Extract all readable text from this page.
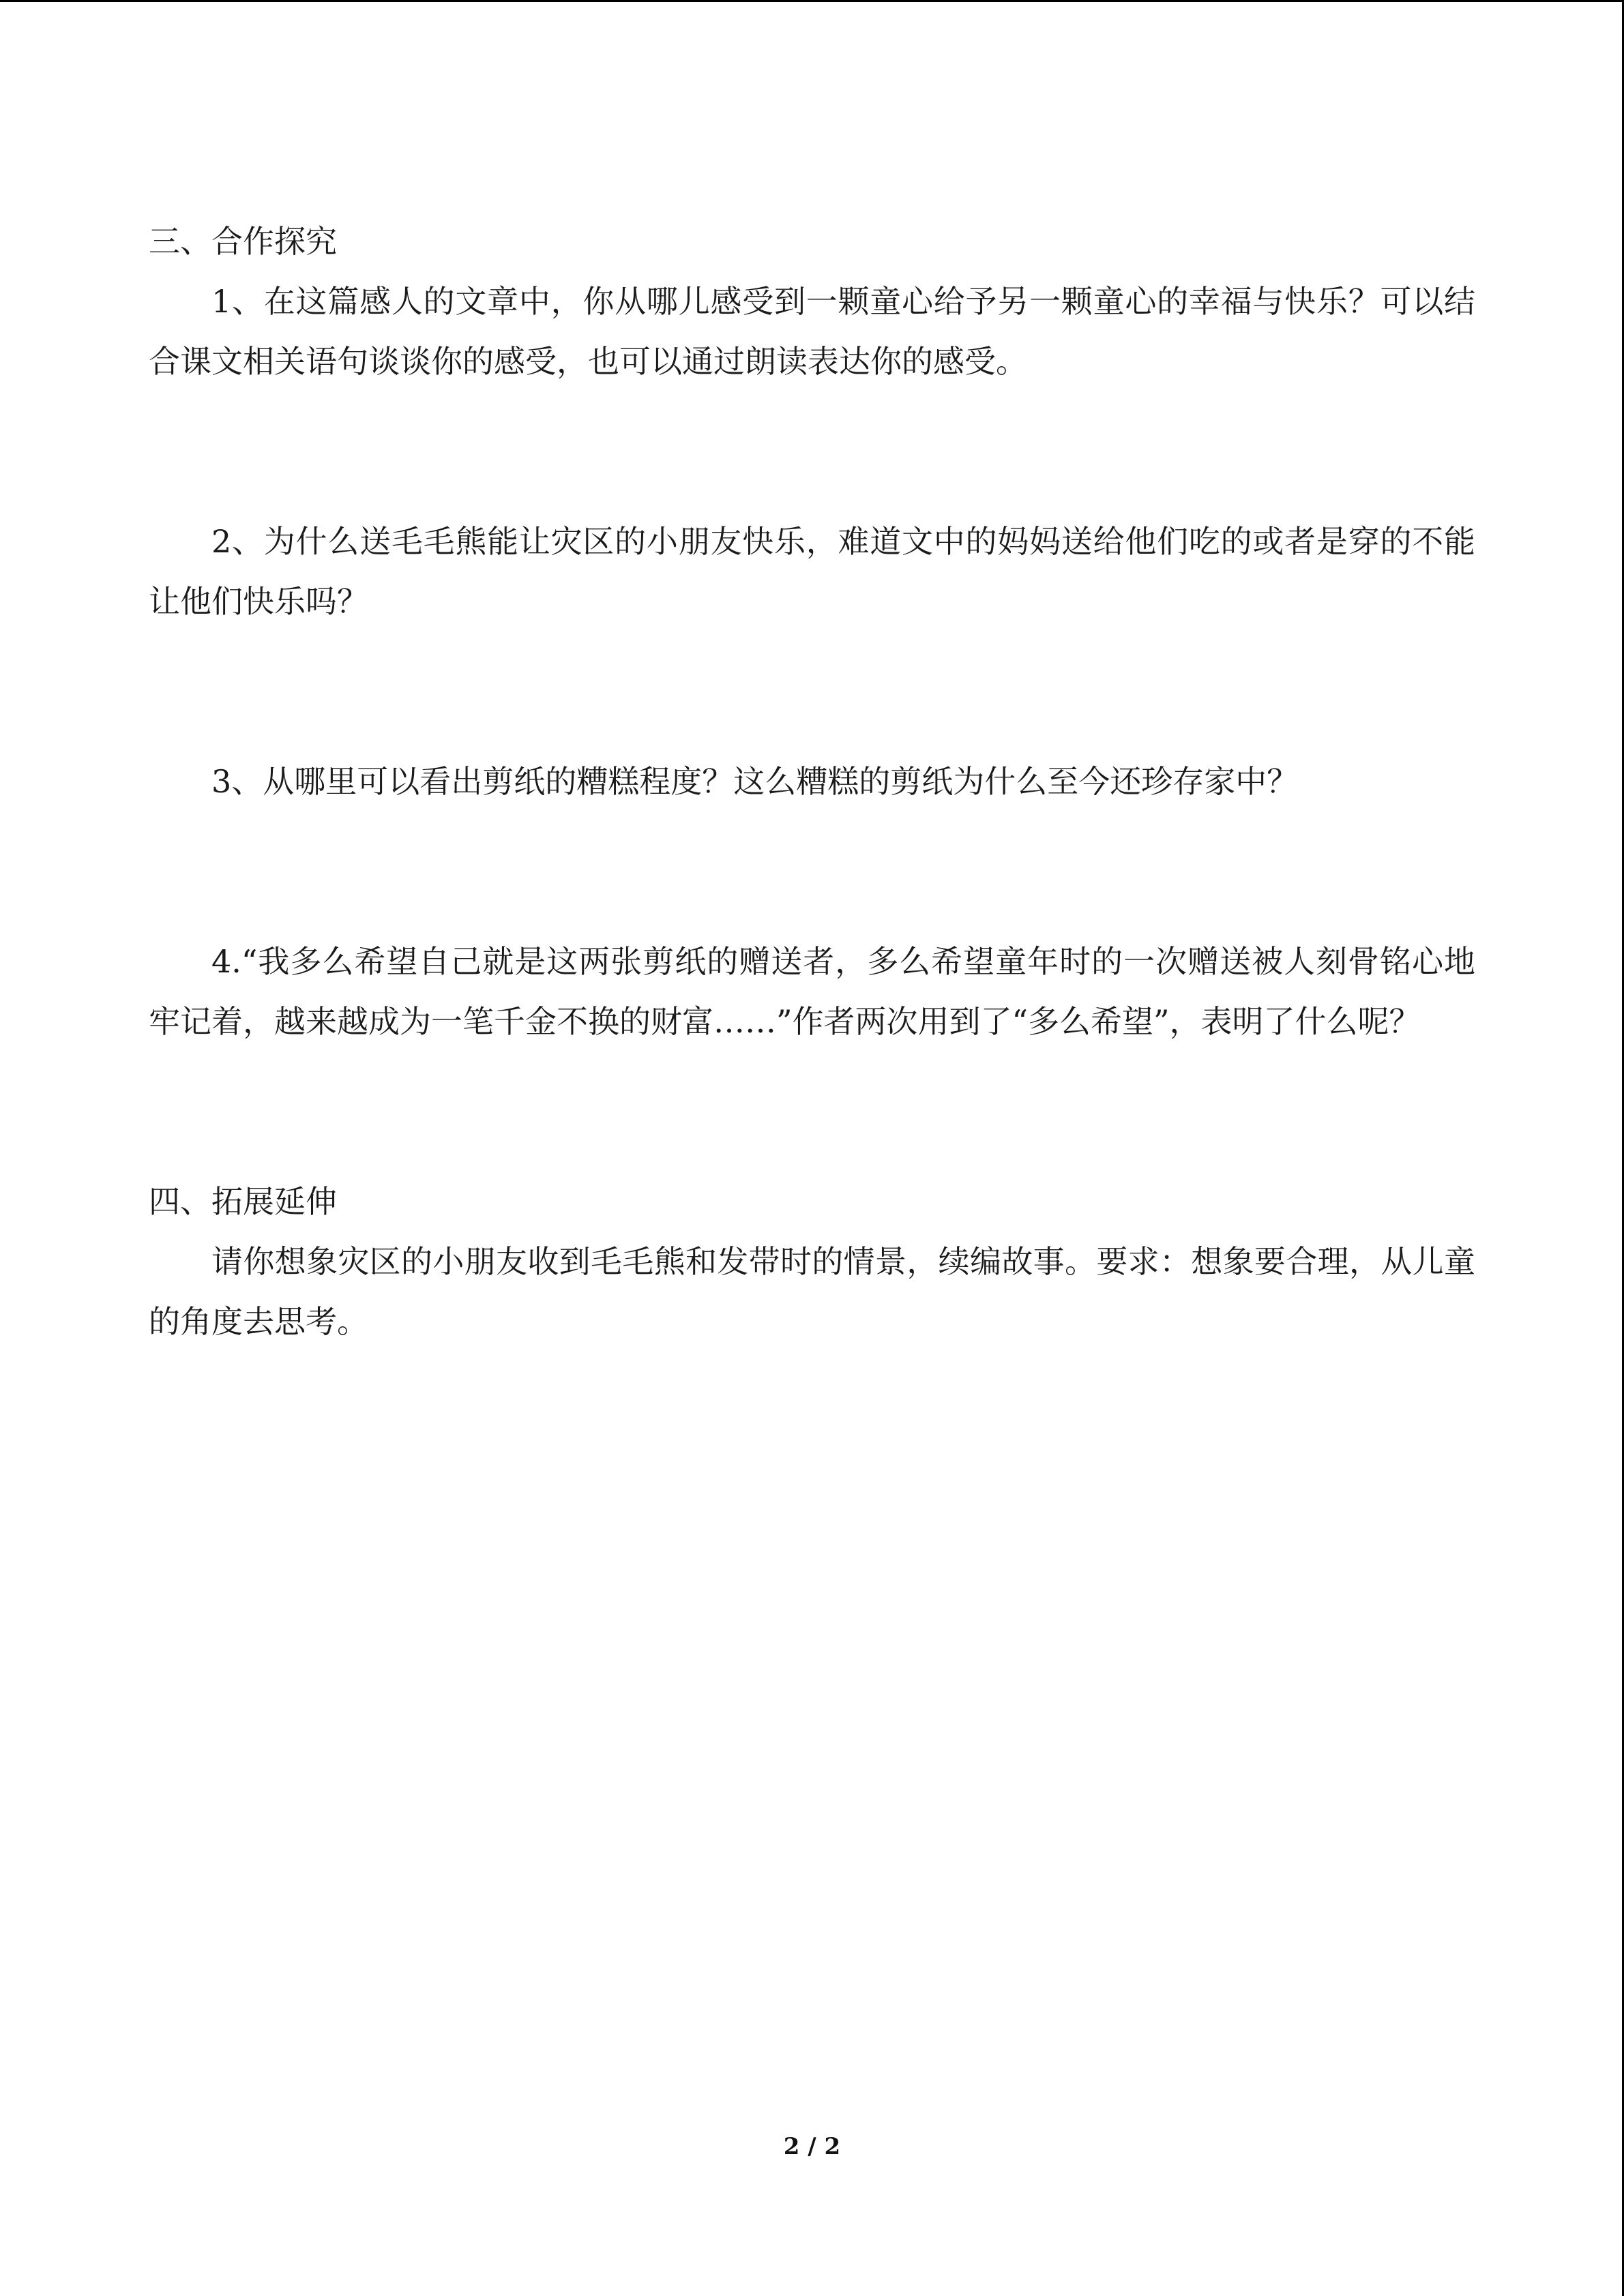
三、合作探究

1、在这篇感人的文章中，你从哪儿感受到一颗童心给予另一颗童心的幸福与快乐？可以结合课文相关语句谈谈你的感受，也可以通过朗读表达你的感受。

2、为什么送毛毛熊能让灾区的小朋友快乐，难道文中的妈妈送给他们吃的或者是穿的不能让他们快乐吗？

3、从哪里可以看出剪纸的糟糕程度？这么糟糕的剪纸为什么至今还珍存家中？

4.“我多么希望自己就是这两张剪纸的赠送者，多么希望童年时的一次赠送被人刻骨铭心地牢记着，越来越成为一笔千金不换的财富……”作者两次用到了“多么希望”，表明了什么呢？

四、拓展延伸

请你想象灾区的小朋友收到毛毛熊和发带时的情景，续编故事。要求：想象要合理，从儿童的角度去思考。

2 / 2
